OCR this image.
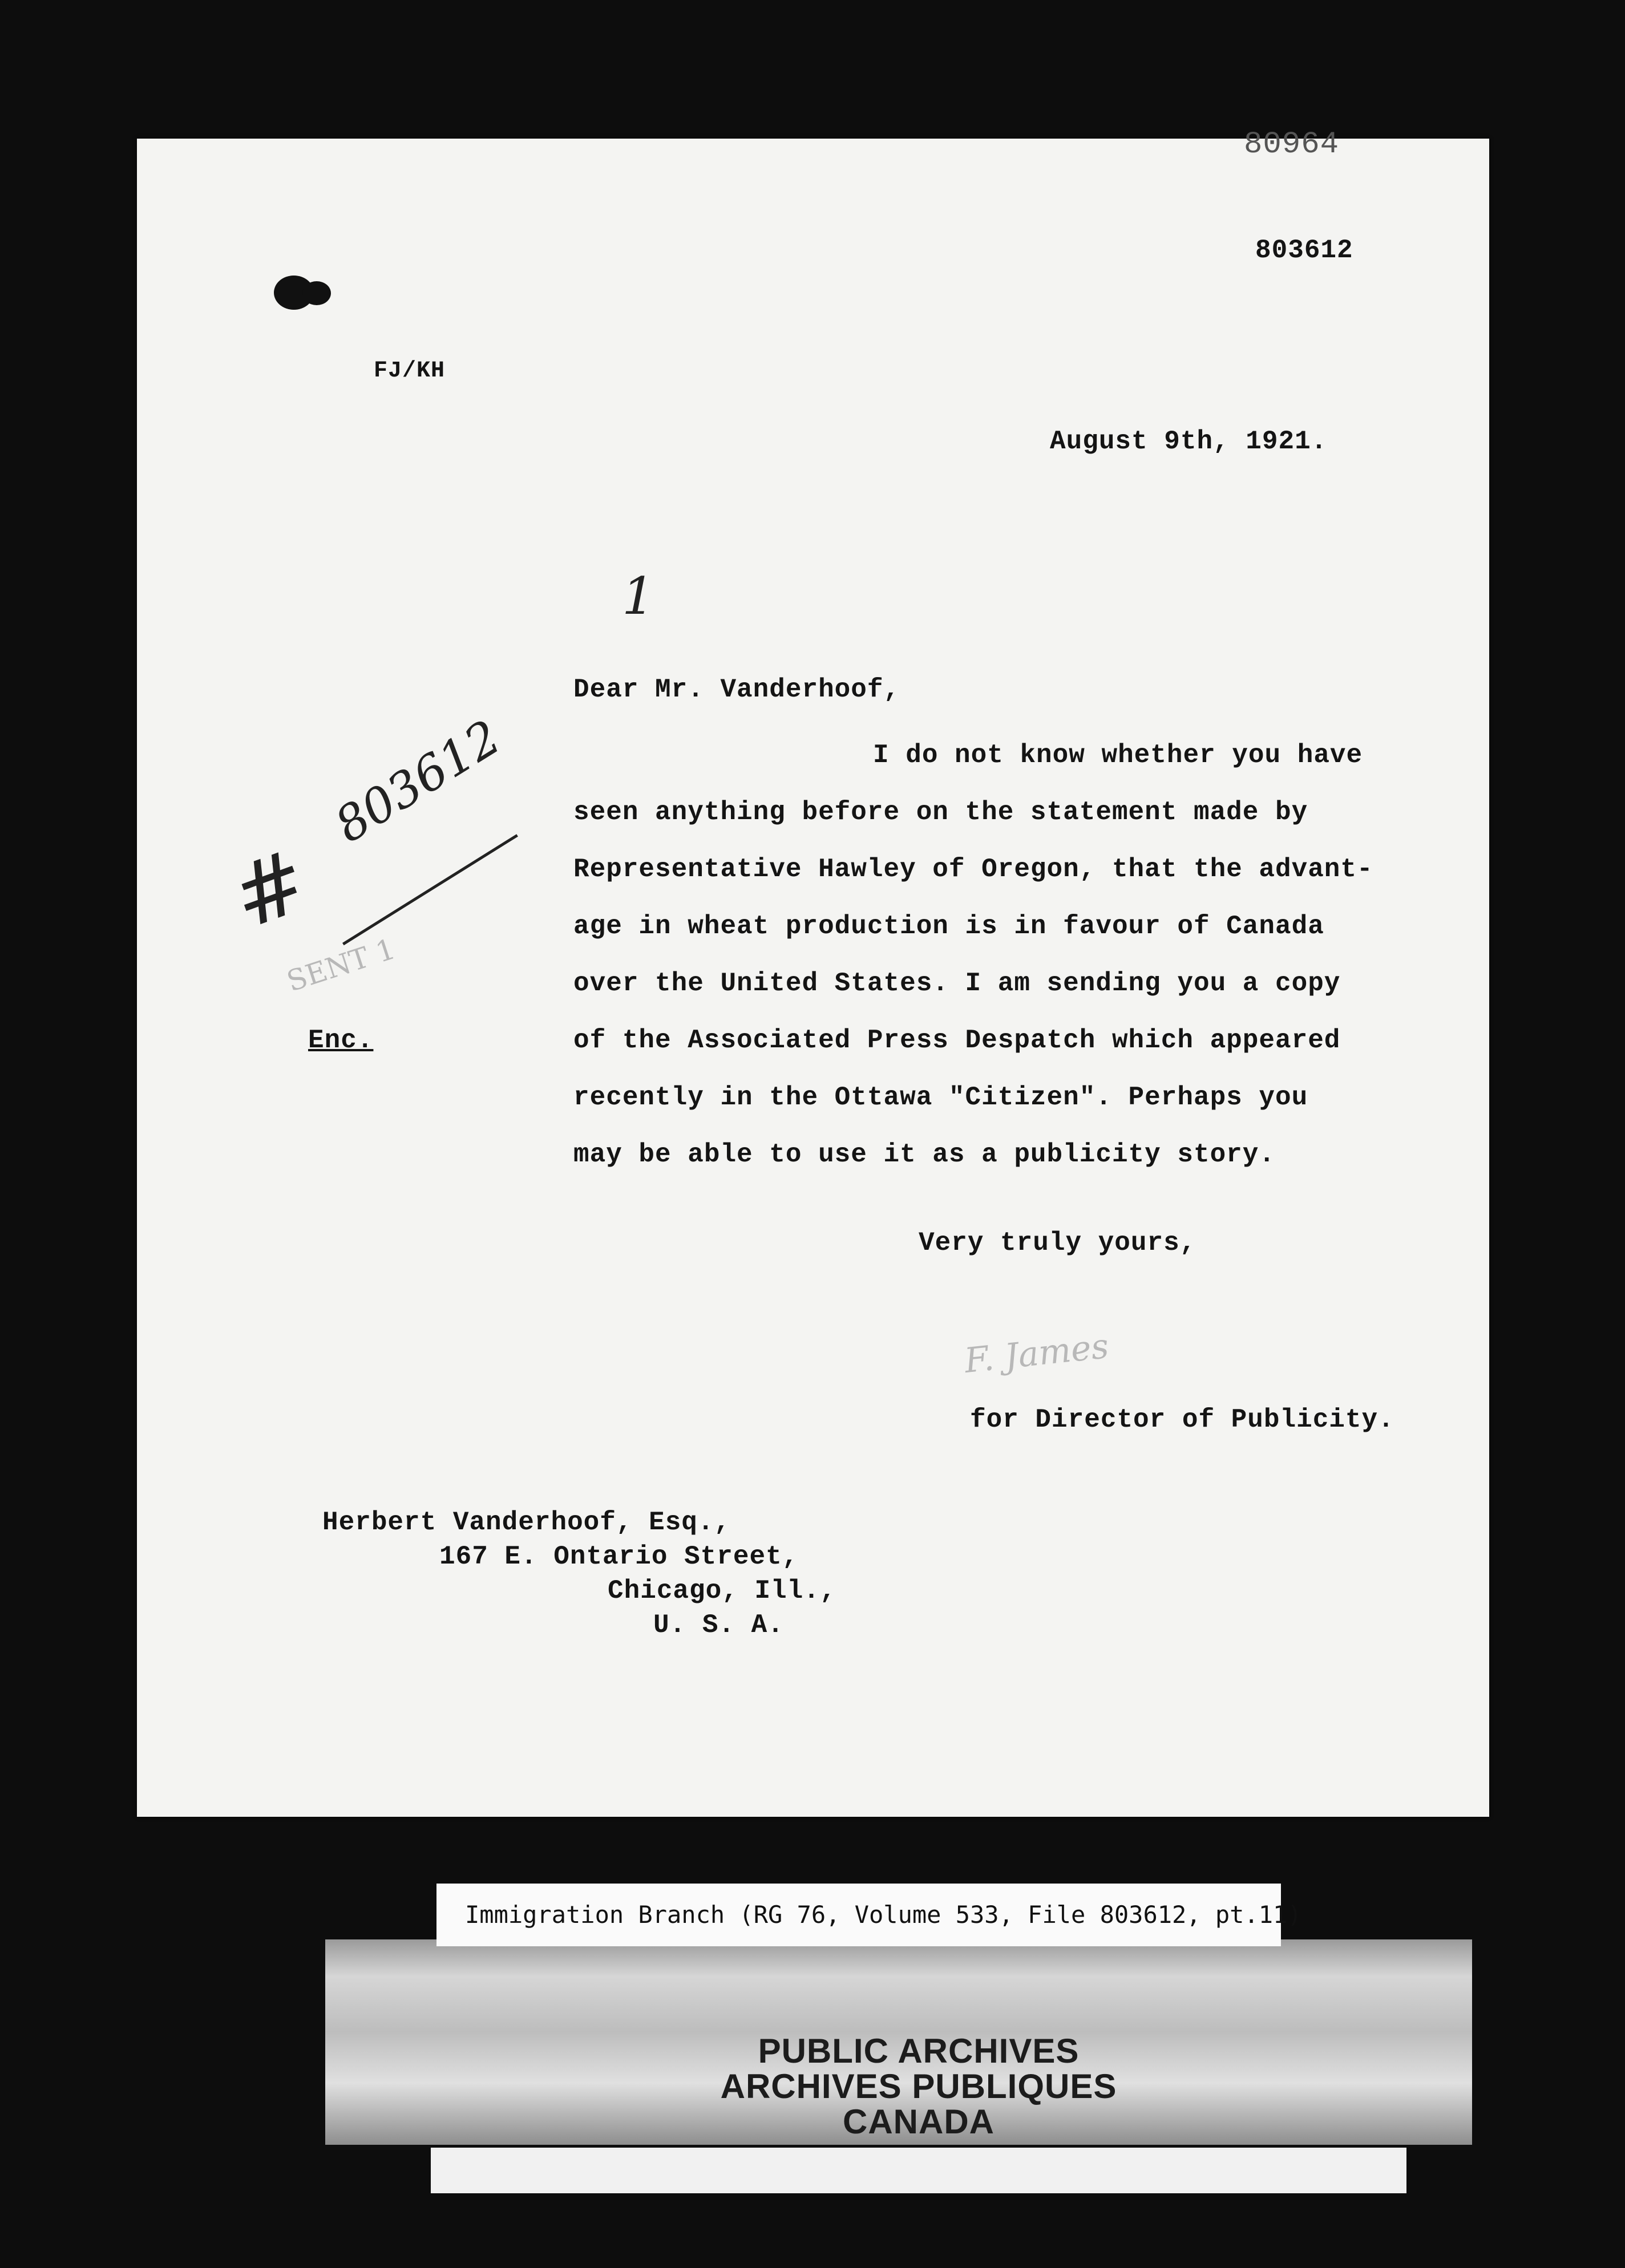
80964
803612
FJ/KH
August 9th, 1921.
1
Dear Mr. Vanderhoof,
I do not know whether you have
seen anything before on the statement made by
Representative Hawley of Oregon, that the advant-
age in wheat production is in favour of Canada
over the United States. I am sending you a copy
of the Associated Press Despatch which appeared
recently in the Ottawa "Citizen". Perhaps you
may be able to use it as a publicity story.
803612
#
SENT 1
Enc.
Very truly yours,
F. James
for Director of Publicity.
Herbert Vanderhoof, Esq.,
167 E. Ontario Street,
Chicago, Ill.,
U. S. A.
Immigration Branch (RG 76, Volume 533, File 803612, pt.11)
PUBLIC ARCHIVES
ARCHIVES PUBLIQUES
CANADA
